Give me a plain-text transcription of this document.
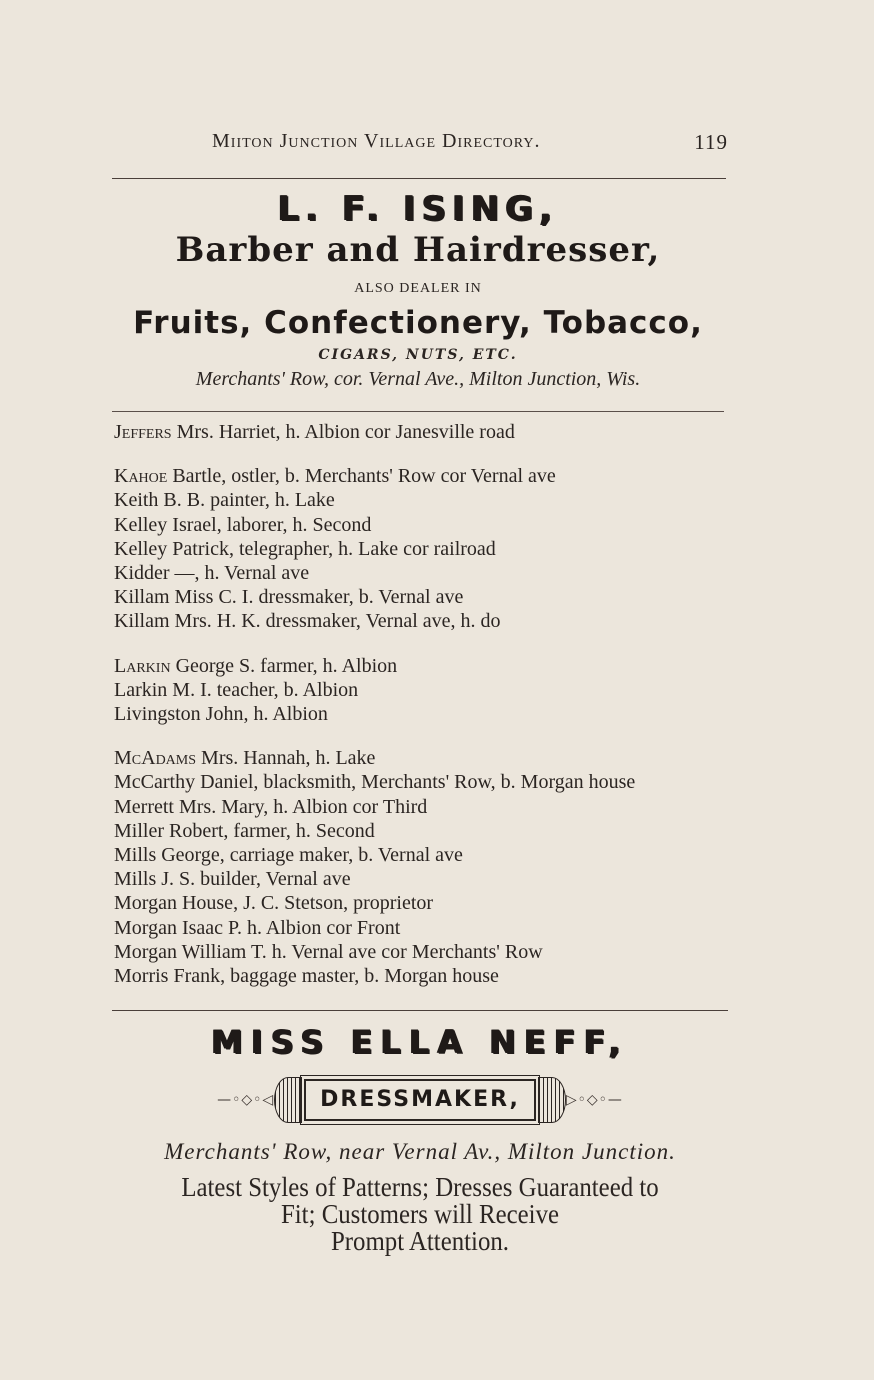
Miiton Junction Village Directory.	119
L. F. ISING,
Barber and Hairdresser,
ALSO DEALER IN
Fruits, Confectionery, Tobacco,
CIGARS, NUTS, ETC.
Merchants' Row, cor. Vernal Ave., Milton Junction, Wis.
Jeffers Mrs. Harriet, h. Albion cor Janesville road
Kahoe Bartle, ostler, b. Merchants' Row cor Vernal ave
Keith B. B. painter, h. Lake
Kelley Israel, laborer, h. Second
Kelley Patrick, telegrapher, h. Lake cor railroad
Kidder —, h. Vernal ave
Killam Miss C. I. dressmaker, b. Vernal ave
Killam Mrs. H. K. dressmaker, Vernal ave, h. do
Larkin George S. farmer, h. Albion
Larkin M. I. teacher, b. Albion
Livingston John, h. Albion
McAdams Mrs. Hannah, h. Lake
McCarthy Daniel, blacksmith, Merchants' Row, b. Morgan house
Merrett Mrs. Mary, h. Albion cor Third
Miller Robert, farmer, h. Second
Mills George, carriage maker, b. Vernal ave
Mills J. S. builder, Vernal ave
Morgan House, J. C. Stetson, proprietor
Morgan Isaac P. h. Albion cor Front
Morgan William T. h. Vernal ave cor Merchants' Row
Morris Frank, baggage master, b. Morgan house
MISS ELLA NEFF,
—◦◇◦◁	DRESSMAKER,	▷◦◇◦—
Merchants' Row, near Vernal Av., Milton Junction.
Latest Styles of Patterns; Dresses Guaranteed to
Fit; Customers will Receive
Prompt Attention.
